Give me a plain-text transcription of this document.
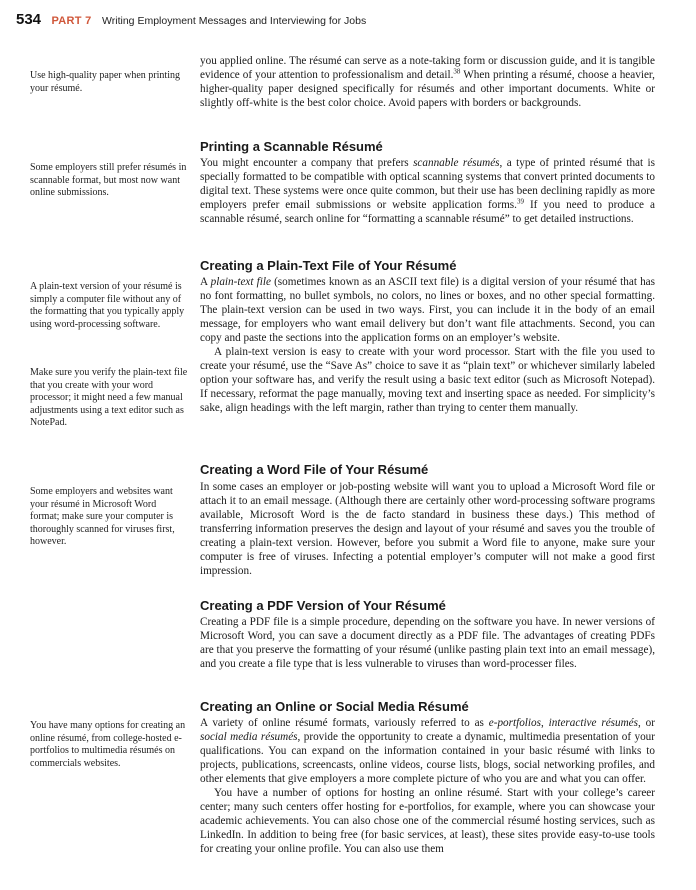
534 PART 7 Writing Employment Messages and Interviewing for Jobs
Use high-quality paper when printing your résumé.
Some employers still prefer résumés in scannable format, but most now want online submissions.
A plain-text version of your résumé is simply a computer file without any of the formatting that you typically apply using word-processing software.
Make sure you verify the plain-text file that you create with your word processor; it might need a few manual adjustments using a text editor such as NotePad.
Some employers and websites want your résumé in Microsoft Word format; make sure your computer is thoroughly scanned for viruses first, however.
You have many options for creating an online résumé, from college-hosted e-portfolios to multimedia résumés on commercials websites.

you applied online. The résumé can serve as a note-taking form or discussion guide, and it is tangible evidence of your attention to professionalism and detail.$^{38}$ When printing a résumé, choose a heavier, higher-quality paper designed specifically for résumés and other important documents. White or slightly off-white is the best color choice. Avoid papers with borders or backgrounds.

Printing a Scannable Résumé

You might encounter a company that prefers scannable résumés, a type of printed résumé that is specially formatted to be compatible with optical scanning systems that convert printed documents to digital text. These systems were once quite common, but their use has been declining rapidly as more employers prefer email submissions or website application forms.$^{39}$ If you need to produce a scannable résumé, search online for “formatting a scannable résumé” to get detailed instructions.

Creating a Plain-Text File of Your Résumé

A plain-text file (sometimes known as an ASCII text file) is a digital version of your résumé that has no font formatting, no bullet symbols, no colors, no lines or boxes, and no other special formatting. The plain-text version can be used in two ways. First, you can include it in the body of an email message, for employers who want email delivery but don’t want file attachments. Second, you can copy and paste the sections into the application forms on an employer’s website.

A plain-text version is easy to create with your word processor. Start with the file you used to create your résumé, use the “Save As” choice to save it as “plain text” or whichever similarly labeled option your software has, and verify the result using a basic text editor (such as Microsoft Notepad). If necessary, reformat the page manually, moving text and inserting space as needed. For simplicity’s sake, align headings with the left margin, rather than trying to center them manually.

Creating a Word File of Your Résumé

In some cases an employer or job-posting website will want you to upload a Microsoft Word file or attach it to an email message. (Although there are certainly other word-processing software programs available, Microsoft Word is the de facto standard in business these days.) This method of transferring information preserves the design and layout of your résumé and saves you the trouble of creating a plain-text version. However, before you submit a Word file to anyone, make sure your computer is free of viruses. Infecting a potential employer’s computer will not make a good first impression.

Creating a PDF Version of Your Résumé

Creating a PDF file is a simple procedure, depending on the software you have. In newer versions of Microsoft Word, you can save a document directly as a PDF file. The advantages of creating PDFs are that you preserve the formatting of your résumé (unlike pasting plain text into an email message), and you create a file type that is less vulnerable to viruses than word-processer files.

Creating an Online or Social Media Résumé

A variety of online résumé formats, variously referred to as e-portfolios, interactive résumés, or social media résumés, provide the opportunity to create a dynamic, multimedia presentation of your qualifications. You can expand on the information contained in your basic résumé with links to projects, publications, screencasts, online videos, course lists, blogs, social networking profiles, and other elements that give employers a more complete picture of who you are and what you can offer.

You have a number of options for hosting an online résumé. Start with your college’s career center; many such centers offer hosting for e-portfolios, for example, where you can showcase your academic achievements. You can also chose one of the commercial résumé hosting services, such as LinkedIn. In addition to being free (for basic services, at least), these sites provide easy-to-use tools for creating your online profile. You can also use them
